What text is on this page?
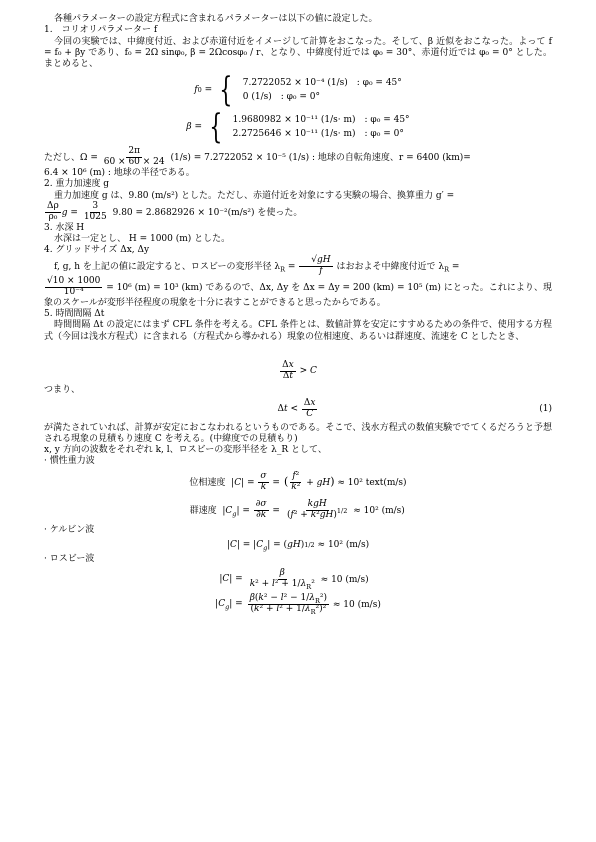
各種パラメーターの設定方程式に含まれるパラメーターは以下の値に設定した。

1.　コリオリパラメーター f

今回の実験では、中緯度付近、および赤道付近をイメージして計算をおこなった。そして、β 近似をおこなった。よって f = f₀ + βy であり、f₀ = 2Ω sinφ₀, β = 2Ωcosφ₀ / r、となり、中緯度付近では φ₀ = 30°、赤道付近では φ₀ = 0° とした。まとめると、

f 0 = { 7.2722052 × 10⁻⁴ (1/s)　: φ₀ = 45°
0 (1/s)　: φ₀ = 0°
β = { 1.9680982 × 10⁻¹¹ (1/s· m)　: φ₀ = 45°
2.2725646 × 10⁻¹¹ (1/s· m)　: φ₀ = 0°

ただし、$\Omega = \frac{2\pi}{60 \times 60 \times 24} (1/s) = 7.2722052 \times 10^{-5}$ (1/s) : 地球の自転角速度、r = 6400 (km)=

6.4 × 10⁶ (m) : 地球の半径である。

2. 重力加速度 g

重力加速度 g は、9.80 (m/s²) とした。ただし、赤道付近を対象にする実験の場合、換算重力 g′ =

$\frac{\Delta\rho}{\text{ρ₀}}$ $g = \frac{3}{1025} 9.80 = 2.8682926 \times 10^{-2}(m/s^2)$ を使った。

3. 水深 H

水深は一定とし、 H = 1000 (m) とした。

4. グリッドサイズ Δx, Δy

f, g, h を上記の値に設定すると、ロスビーの変形半径 $\lambda_R = \frac{√gH}{f}$ はおおよそ中緯度付近で $\lambda_R$ =

$\frac{√10 \times 1000}{\text{10⁻⁴}} = 10^6$ (m) = 10³ (km) であるので、Δx, Δy を Δx = Δy = 200 (km) = 10⁵ (m) にとった。これにより、現象のスケールが変形半径程度の現象を十分に表すことができると思ったからである。

5. 時間間隔 Δt

時間間隔 Δt の設定にはまず CFL 条件を考える。CFL 条件とは、数値計算を安定にすすめるための条件で、使用する方程式（今回は浅水方程式）に含まれる（方程式から導かれる）現象の位相速度、あるいは群速度、流速を C としたとき、

$\frac{\Delta x}{\Delta t} > C$

つまり、

Δ $t < \frac{\Delta x}{C}$	(1)

が満たされていれば、計算が安定におこなわれるというものである。そこで、浅水方程式の数値実験ででてくるだろうと予想される現象の見積もり速度 C を考える。(中緯度での見積もり)

x, y 方向の波数をそれぞれ k, l、ロスビーの変形半径を λ_R として、

· 慣性重力波

位相速度  $|C| = \frac{\sigma}{k}$ = ( $\frac{\text{f²}}{\text{k²}} + gH) \approx 10^2$ text(m/s)
群速度  $|C_g| = \frac{\partial\sigma}{\partial k} = \frac{\text{kgH}}{(f^2 + k^2gH)^{1/2}} \approx 10^2$ (m/s)

· ケルビン波

| C | = | $C_g$ | = ( gH ) 1/2
≈ 10² (m/s)

· ロスビー波

$|C| = \frac{\beta}{k^2 + l^2 + 1/\lambda_R^2} \approx 10$ (m/s)
$|C_g| = \frac{\beta(k^2 - l^2 - 1/\lambda_R^2)}{(k^2 + l^2 + 1/\lambda_R^2)^2} \approx 10$ (m/s)
